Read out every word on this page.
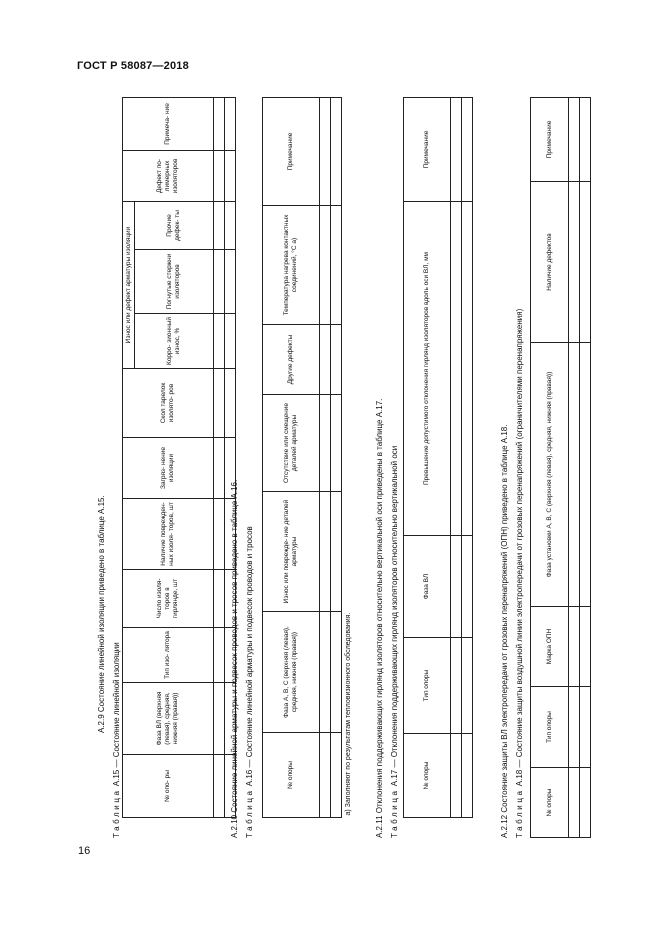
ГОСТ Р 58087—2018
А.2.9 Состояние линейной изоляции приведено в таблице А.15.
Таблица А.15 — Состояние линейной изоляции	№ опо- ры	Фаза ВЛ (верхняя (левая), средняя, нижняя (правая))	Тип изо- лятора	Число изоля- торов в гирлянде, шт	Наличие поврежден- ных изоля- торов, шт	Загряз- нение изоляции	Скол тарелок изолято- ров	Износ или дефект арматуры изоляции			Дефект по- лимерных изоляторов	Примеча- ние
							Коррo- зионный износ, %	Погнутые стержни изоляторов	Прочие дефек- ты		

А.2.10 Состояние линейной арматуры и подвесок проводов и тросов приведено в таблице А.16. Таблица А.16 — Состояние линейной арматуры и подвесок проводов и тросов	№ опоры	Фаза А, В, С (верхняя (левая), средняя, нижняя (правая))	Износ или поврежде- ние деталей арматуры	Отсутствие или смещение деталей арматуры	Другие дефекты	Температура нагрева контактных соединений, °С а)	Примечание

а) Заполняют по результатам тепловизионного обследования.							А.2.11 Отклонения поддерживающих гирлянд изоляторов относительно вертикальной оси приведены в таблице А.17. Таблица А.17 — Отклонения поддерживающих гирлянд изоляторов относительно вертикальной оси	№ опоры	Тип опоры	Фаза ВЛ	Превышение допустимого отклонения гирлянд изоляторов вдоль оси ВЛ, мм	Примечание

А.2.12 Состояние защиты ВЛ электропередачи от грозовых перенапряжений (ОПН) приведено в таблице А.18. Таблица А.18 — Состояние защиты воздушной линии электропередачи от грозовых перенапряжений (ограничителями перенапряжения)
№ опоры	Тип опоры	Марка ОПН	Фаза установки А, В, С (верхняя (левая), средняя, нижняя (правая))	Наличие дефектов	Примечание

16
